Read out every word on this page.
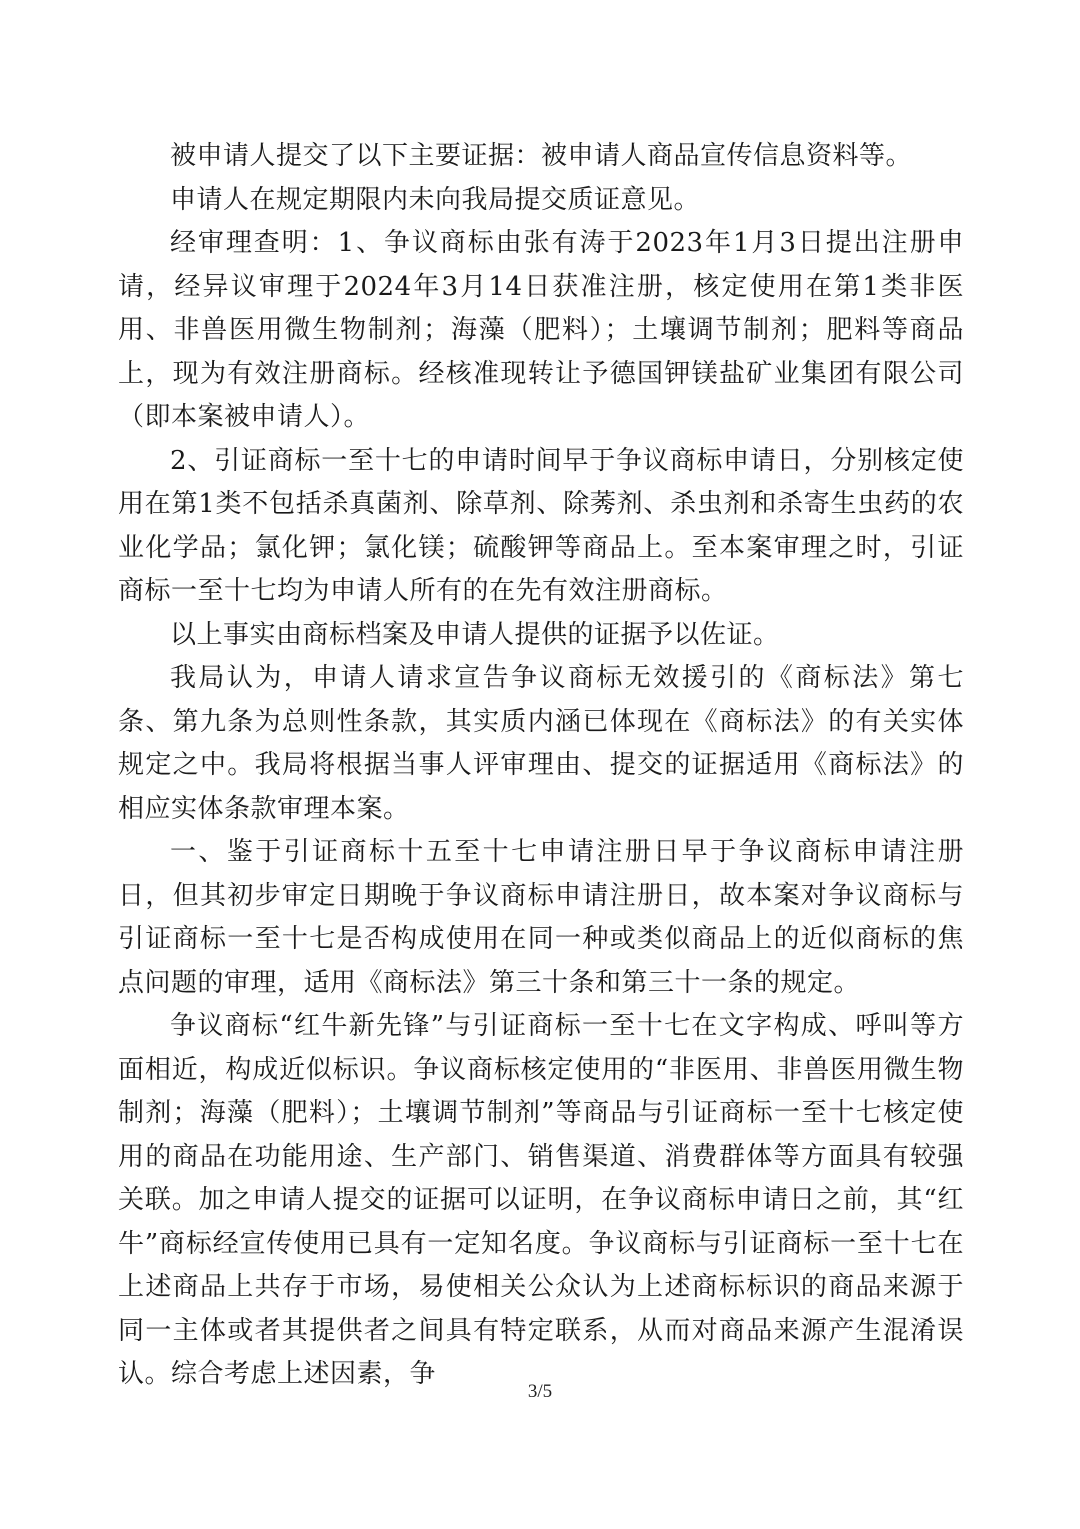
被申请人提交了以下主要证据：被申请人商品宣传信息资料等。

申请人在规定期限内未向我局提交质证意见。

经审理查明：1、争议商标由张有涛于2023年1月3日提出注册申请，经异议审理于2024年3月14日获准注册，核定使用在第1类非医用、非兽医用微生物制剂；海藻（肥料）；土壤调节制剂；肥料等商品上，现为有效注册商标。经核准现转让予德国钾镁盐矿业集团有限公司（即本案被申请人）。

2、引证商标一至十七的申请时间早于争议商标申请日，分别核定使用在第1类不包括杀真菌剂、除草剂、除莠剂、杀虫剂和杀寄生虫药的农业化学品；氯化钾；氯化镁；硫酸钾等商品上。至本案审理之时，引证商标一至十七均为申请人所有的在先有效注册商标。

以上事实由商标档案及申请人提供的证据予以佐证。

我局认为，申请人请求宣告争议商标无效援引的《商标法》第七条、第九条为总则性条款，其实质内涵已体现在《商标法》的有关实体规定之中。我局将根据当事人评审理由、提交的证据适用《商标法》的相应实体条款审理本案。

一、鉴于引证商标十五至十七申请注册日早于争议商标申请注册日，但其初步审定日期晚于争议商标申请注册日，故本案对争议商标与引证商标一至十七是否构成使用在同一种或类似商品上的近似商标的焦点问题的审理，适用《商标法》第三十条和第三十一条的规定。

争议商标“红牛新先锋”与引证商标一至十七在文字构成、呼叫等方面相近，构成近似标识。争议商标核定使用的“非医用、非兽医用微生物制剂；海藻（肥料）；土壤调节制剂”等商品与引证商标一至十七核定使用的商品在功能用途、生产部门、销售渠道、消费群体等方面具有较强关联。加之申请人提交的证据可以证明，在争议商标申请日之前，其“红牛”商标经宣传使用已具有一定知名度。争议商标与引证商标一至十七在上述商品上共存于市场，易使相关公众认为上述商标标识的商品来源于同一主体或者其提供者之间具有特定联系，从而对商品来源产生混淆误认。综合考虑上述因素，争

3/5
